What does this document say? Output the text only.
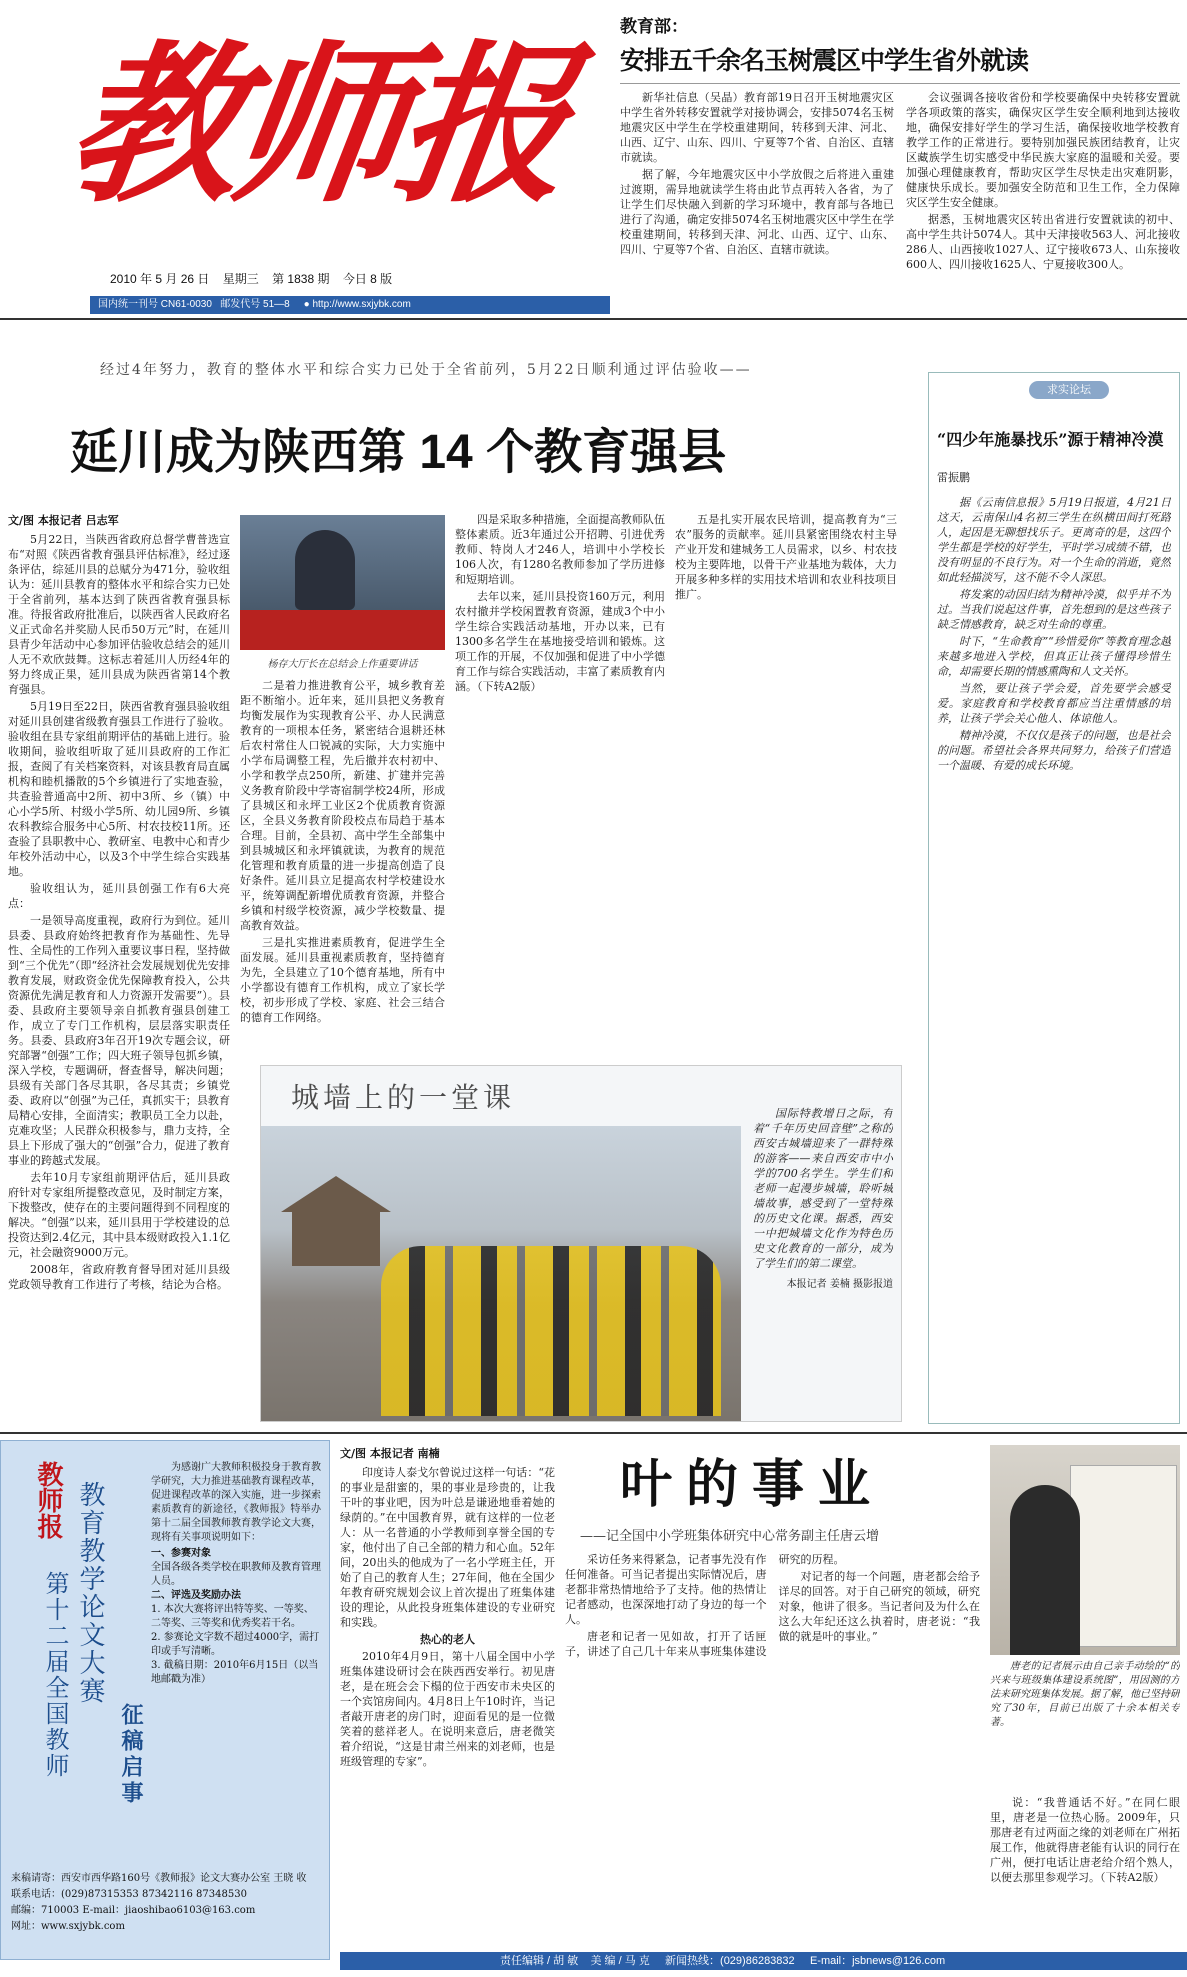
教师报
2010 年 5 月 26 日 星期三 第 1838 期 今日 8 版
国内统一刊号 CN61-0030 邮发代号 51—8 ● http://www.sxjybk.com
教育部：
安排五千余名玉树震区中学生省外就读

新华社信息（吴晶）教育部19日召开玉树地震灾区中学生省外转移安置就学对接协调会，安排5074名玉树地震灾区中学生在学校重建期间，转移到天津、河北、山西、辽宁、山东、四川、宁夏等7个省、自治区、直辖市就读。

据了解，今年地震灾区中小学放假之后将进入重建过渡期，需异地就读学生将由此节点再转入各省，为了让学生们尽快融入到新的学习环境中，教育部与各地已进行了沟通，确定安排5074名玉树地震灾区中学生在学校重建期间，转移到天津、河北、山西、辽宁、山东、四川、宁夏等7个省、自治区、直辖市就读。

会议强调各接收省份和学校要确保中央转移安置就学各项政策的落实，确保灾区学生安全顺利地到达接收地，确保安排好学生的学习生活，确保接收地学校教育教学工作的正常进行。要特别加强民族团结教育，让灾区藏族学生切实感受中华民族大家庭的温暖和关爱。要加强心理健康教育，帮助灾区学生尽快走出灾难阴影，健康快乐成长。要加强安全防范和卫生工作，全力保障灾区学生安全健康。

据悉，玉树地震灾区转出省进行安置就读的初中、高中学生共计5074人。其中天津接收563人、河北接收286人、山西接收1027人、辽宁接收673人、山东接收600人、四川接收1625人、宁夏接收300人。

经过4年努力，教育的整体水平和综合实力已处于全省前列，5月22日顺利通过评估验收——
延川成为陕西第 14 个教育强县
文/图 本报记者 吕志军

5月22日，当陕西省政府总督学曹普选宣布“对照《陕西省教育强县评估标准》，经过逐条评估，综延川县的总赋分为471分，验收组认为：延川县教育的整体水平和综合实力已处于全省前列，基本达到了陕西省教育强县标准。待报省政府批准后，以陕西省人民政府名义正式命名并奖励人民币50万元”时，在延川县青少年活动中心参加评估验收总结会的延川人无不欢欣鼓舞。这标志着延川人历经4年的努力终成正果，延川县成为陕西省第14个教育强县。

5月19日至22日，陕西省教育强县验收组对延川县创建省级教育强县工作进行了验收。验收组在县专家组前期评估的基础上进行。验收期间，验收组听取了延川县政府的工作汇报，查阅了有关档案资料，对该县教育局直属机构和睦机播散的5个乡镇进行了实地查验，共查验普通高中2所、初中3所、乡（镇）中心小学5所、村级小学5所、幼儿园9所、乡镇农科教综合服务中心5所、村农技校11所。还查验了县职教中心、教研室、电教中心和青少年校外活动中心，以及3个中学生综合实践基地。

验收组认为，延川县创强工作有6大亮点：

一是领导高度重视，政府行为到位。延川县委、县政府始终把教育作为基础性、先导性、全局性的工作列入重要议事日程，坚持做到“三个优先”（即“经济社会发展规划优先安排教育发展，财政资金优先保障教育投入，公共资源优先满足教育和人力资源开发需要”）。县委、县政府主要领导亲自抓教育强县创建工作，成立了专门工作机构，层层落实职责任务。县委、县政府3年召开19次专题会议，研究部署“创强”工作；四大班子领导包抓乡镇，深入学校，专题调研，督查督导，解决问题；县级有关部门各尽其职，各尽其责；乡镇党委、政府以“创强”为己任，真抓实干；县教育局精心安排，全面清实；教职员工全力以赴，克难攻坚；人民群众积极参与，鼎力支持，全县上下形成了强大的“创强”合力，促进了教育事业的跨越式发展。

去年10月专家组前期评估后，延川县政府针对专家组所提整改意见，及时制定方案，下拨整改，使存在的主要问题得到不同程度的解决。“创强”以来，延川县用于学校建设的总投资达到2.4亿元，其中县本级财政投入1.1亿元，社会融资9000万元。

2008年，省政府教育督导团对延川县级党政领导教育工作进行了考核，结论为合格。

杨存大厅长在总结会上作重要讲话

二是着力推进教育公平，城乡教育差距不断缩小。近年来，延川县把义务教育均衡发展作为实现教育公平、办人民满意教育的一项根本任务，紧密结合退耕还林后农村常住人口锐减的实际，大力实施中小学布局调整工程，先后撤并农村初中、小学和教学点250所，新建、扩建并完善义务教育阶段中学寄宿制学校24所，形成了县城区和永坪工业区2个优质教育资源区，全县义务教育阶段校点布局趋于基本合理。目前，全县初、高中学生全部集中到县城城区和永坪镇就读，为教育的规范化管理和教育质量的进一步提高创造了良好条件。延川县立足提高农村学校建设水平，统筹调配新增优质教育资源，并整合乡镇和村级学校资源，减少学校数量、提高教育效益。

三是扎实推进素质教育，促进学生全面发展。延川县重视素质教育，坚持德育为先，全县建立了10个德育基地，所有中小学都设有德育工作机构，成立了家长学校，初步形成了学校、家庭、社会三结合的德育工作网络。

四是采取多种措施，全面提高教师队伍整体素质。近3年通过公开招聘、引进优秀教师、特岗人才246人，培训中小学校长106人次，有1280名教师参加了学历进修和短期培训。

去年以来，延川县投资160万元，利用农村撤并学校闲置教育资源，建成3个中小学生综合实践活动基地，开办以来，已有1300多名学生在基地接受培训和锻炼。这项工作的开展，不仅加强和促进了中小学德育工作与综合实践活动，丰富了素质教育内涵。（下转A2版）

五是扎实开展农民培训，提高教育为“三农”服务的贡献率。延川县紧密围绕农村主导产业开发和建城务工人员需求，以乡、村农技校为主要阵地，以骨干产业基地为载体，大力开展多种多样的实用技术培训和农业科技项目推广。

城墙上的一堂课	国际特教增日之际，有着“千年历史回音壁”之称的西安古城墙迎来了一群特殊的游客——来自西安市中小学的700名学生。学生们和老师一起漫步城墙，聆听城墙故事，感受到了一堂特殊的历史文化课。据悉，西安一中把城墙文化作为特色历史文化教育的一部分，成为了学生们的第二课堂。

本报记者 姜楠 摄影报道
求实论坛
“四少年施暴找乐”源于精神冷漠
雷振鹏

据《云南信息报》5月19日报道，4月21日这天，云南保山4名初三学生在纵横田间打死路人，起因是无聊想找乐子。更离奇的是，这四个学生都是学校的好学生，平时学习成绩不错，也没有明显的不良行为。对一个生命的消逝，竟然如此轻描淡写，这不能不令人深思。

将发案的动因归结为精神冷漠，似乎并不为过。当我们说起这件事，首先想到的是这些孩子缺乏情感教育，缺乏对生命的尊重。

时下，“生命教育”“珍惜爱你”等教育理念越来越多地进入学校，但真正让孩子懂得珍惜生命，却需要长期的情感熏陶和人文关怀。

当然，要让孩子学会爱，首先要学会感受爱。家庭教育和学校教育都应当注重情感的培养，让孩子学会关心他人、体谅他人。

精神冷漠，不仅仅是孩子的问题，也是社会的问题。希望社会各界共同努力，给孩子们营造一个温暖、有爱的成长环境。

教师报
第十二届全国教师 教育教学论文大赛
征稿启事

为感谢广大教师积极投身于教育教学研究，大力推进基础教育课程改革，促进课程改革的深入实施，进一步探索素质教育的新途径，《教师报》特举办第十二届全国教师教育教学论文大赛，现将有关事项说明如下：

一、参赛对象
全国各级各类学校在职教师及教育管理人员。
二、评选及奖励办法
1. 本次大赛将评出特等奖、一等奖、二等奖、三等奖和优秀奖若干名。
2. 参赛论文字数不超过4000字，需打印或手写清晰。
3. 截稿日期：2010年6月15日（以当地邮戳为准）
来稿请寄：西安市西华路160号《教师报》论文大赛办公室 王晓 收
联系电话：(029)87315353 87342116 87348530
邮编：710003 E-mail：jiaoshibao6103@163.com
网址：www.sxjybk.com
文/图 本报记者 南楠
叶的事业
——记全国中小学班集体研究中心常务副主任唐云增

印度诗人泰戈尔曾说过这样一句话：“花的事业是甜蜜的，果的事业是珍贵的，让我干叶的事业吧，因为叶总是谦逊地垂着她的绿荫的。”在中国教育界，就有这样的一位老人：从一名普通的小学教师到享誉全国的专家，他付出了自己全部的精力和心血。52年间，20出头的他成为了一名小学班主任，开始了自己的教育人生；27年间，他在全国少年教育研究规划会议上首次提出了班集体建设的理论，从此投身班集体建设的专业研究和实践。

热心的老人

2010年4月9日，第十八届全国中小学班集体建设研讨会在陕西西安举行。初见唐老，是在班会会下榻的位于西安市未央区的一个宾馆房间内。4月8日上午10时许，当记者敲开唐老的房门时，迎面看见的是一位微笑着的慈祥老人。在说明来意后，唐老微笑着介绍说，“这是甘肃兰州来的刘老师，也是班级管理的专家”。

采访任务来得紧急，记者事先没有作任何准备。可当记者提出实际情况后，唐老都非常热情地给予了支持。他的热情让记者感动，也深深地打动了身边的每一个人。

唐老和记者一见如故，打开了话匣子，讲述了自己几十年来从事班集体建设研究的历程。

对记者的每一个问题，唐老都会给予详尽的回答。对于自己研究的领域，研究对象，他讲了很多。当记者问及为什么在这么大年纪还这么执着时，唐老说：“我做的就是叶的事业。”

唐老的记者展示由自己亲手动绘的“的兴来与班级集体建设系统图”，用因测的方法来研究班集体发展。据了解，他已坚持研究了30年，目前已出版了十余本相关专著。

说：“我普通话不好。”在同仁眼里，唐老是一位热心肠。2009年，只那唐老有过两面之缘的刘老师在广州拓展工作，他就得唐老能有认识的同行在广州，便打电话让唐老给介绍个熟人，以便去那里参观学习。（下转A2版）

责任编辑 / 胡 敏 美 编 / 马 克 新闻热线：(029)86283832 E-mail：jsbnews@126.com
